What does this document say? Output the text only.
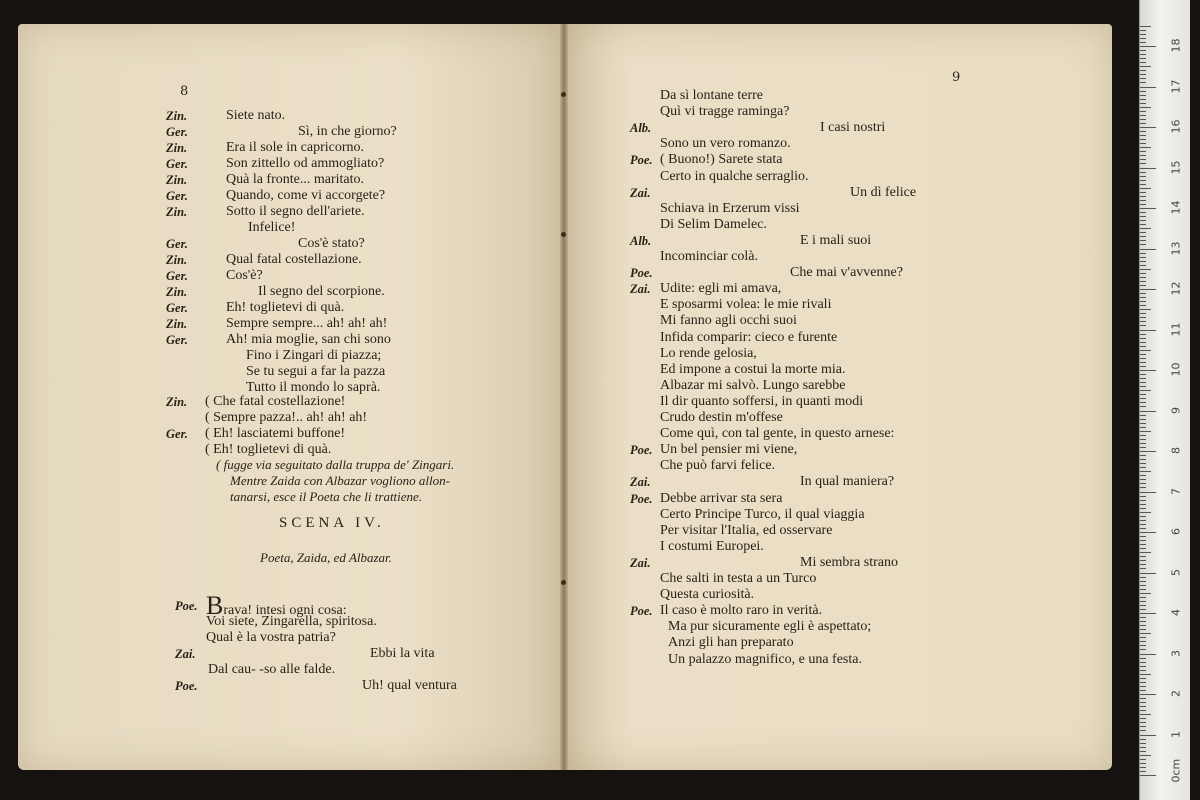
8
9
Zin.	Siete nato.
Ger.	Sì, in che giorno?
Zin.	Era il sole in capricorno.
Ger.	Son zittello od ammogliato?
Zin.	Quà la fronte... maritato.
Ger.	Quando, come vi accorgete?
Zin.	Sotto il segno dell'ariete.
Infelice!
Ger.	Cos'è stato?
Zin.	Qual fatal costellazione.
Ger.	Cos'è?
Zin.	Il segno del scorpione.
Ger.	Eh! toglietevi di quà.
Zin.	Sempre sempre... ah! ah! ah!
Ger.	Ah! mia moglie, san chi sono
Fino i Zingari di piazza;
Se tu segui a far la pazza
Tutto il mondo lo saprà.
Zin. ( Che fatal costellazione!
( Sempre pazza!.. ah! ah! ah!
Ger. ( Eh! lasciatemi buffone!
( Eh! toglietevi di quà.
( fugge via seguitato dalla truppa de' Zingari.
Mentre Zaida con Albazar vogliono allon-
tanarsi, esce il Poeta che li trattiene.
SCENA IV.
Poeta, Zaida, ed Albazar.
Poe. Brava! intesi ogni cosa:
Voi siete, Zingarella, spiritosa.
Qual è la vostra patria?
Zai.	Ebbi la vita
Dal cau- -so alle falde.
Poe.	Uh! qual ventura
Da sì lontane terre
Quì vi tragge raminga?
Alb.	I casi nostri
Sono un vero romanzo.
Poe. ( Buono!) Sarete stata
Certo in qualche serraglio.
Zai.	Un dì felice
Schiava in Erzerum vissi
Di Selim Damelec.
Alb.	E i mali suoi
Incominciar colà.
Poe.	Che mai v'avvenne?
Zai. Udite: egli mi amava,
E sposarmi volea: le mie rivali
Mi fanno agli occhi suoi
Infida comparir: cieco e furente
Lo rende gelosia,
Ed impone a costui la morte mia.
Albazar mi salvò. Lungo sarebbe
Il dir quanto soffersi, in quanti modi
Crudo destin m'offese
Come quì, con tal gente, in questo arnese:
Poe. Un bel pensier mi viene,
Che può farvi felice.
Zai.	In qual maniera?
Poe. Debbe arrivar sta sera
Certo Principe Turco, il qual viaggia
Per visitar l'Italia, ed osservare
I costumi Europei.
Zai.	Mi sembra strano
Che salti in testa a un Turco
Questa curiosità.
Poe. Il caso è molto raro in verità.
Ma pur sicuramente egli è aspettato;
Anzi gli han preparato
Un palazzo magnifico, e una festa.
0cm
1
2
3
4
5
6
7
8
9
10
11
12
13
14
15
16
17
18
